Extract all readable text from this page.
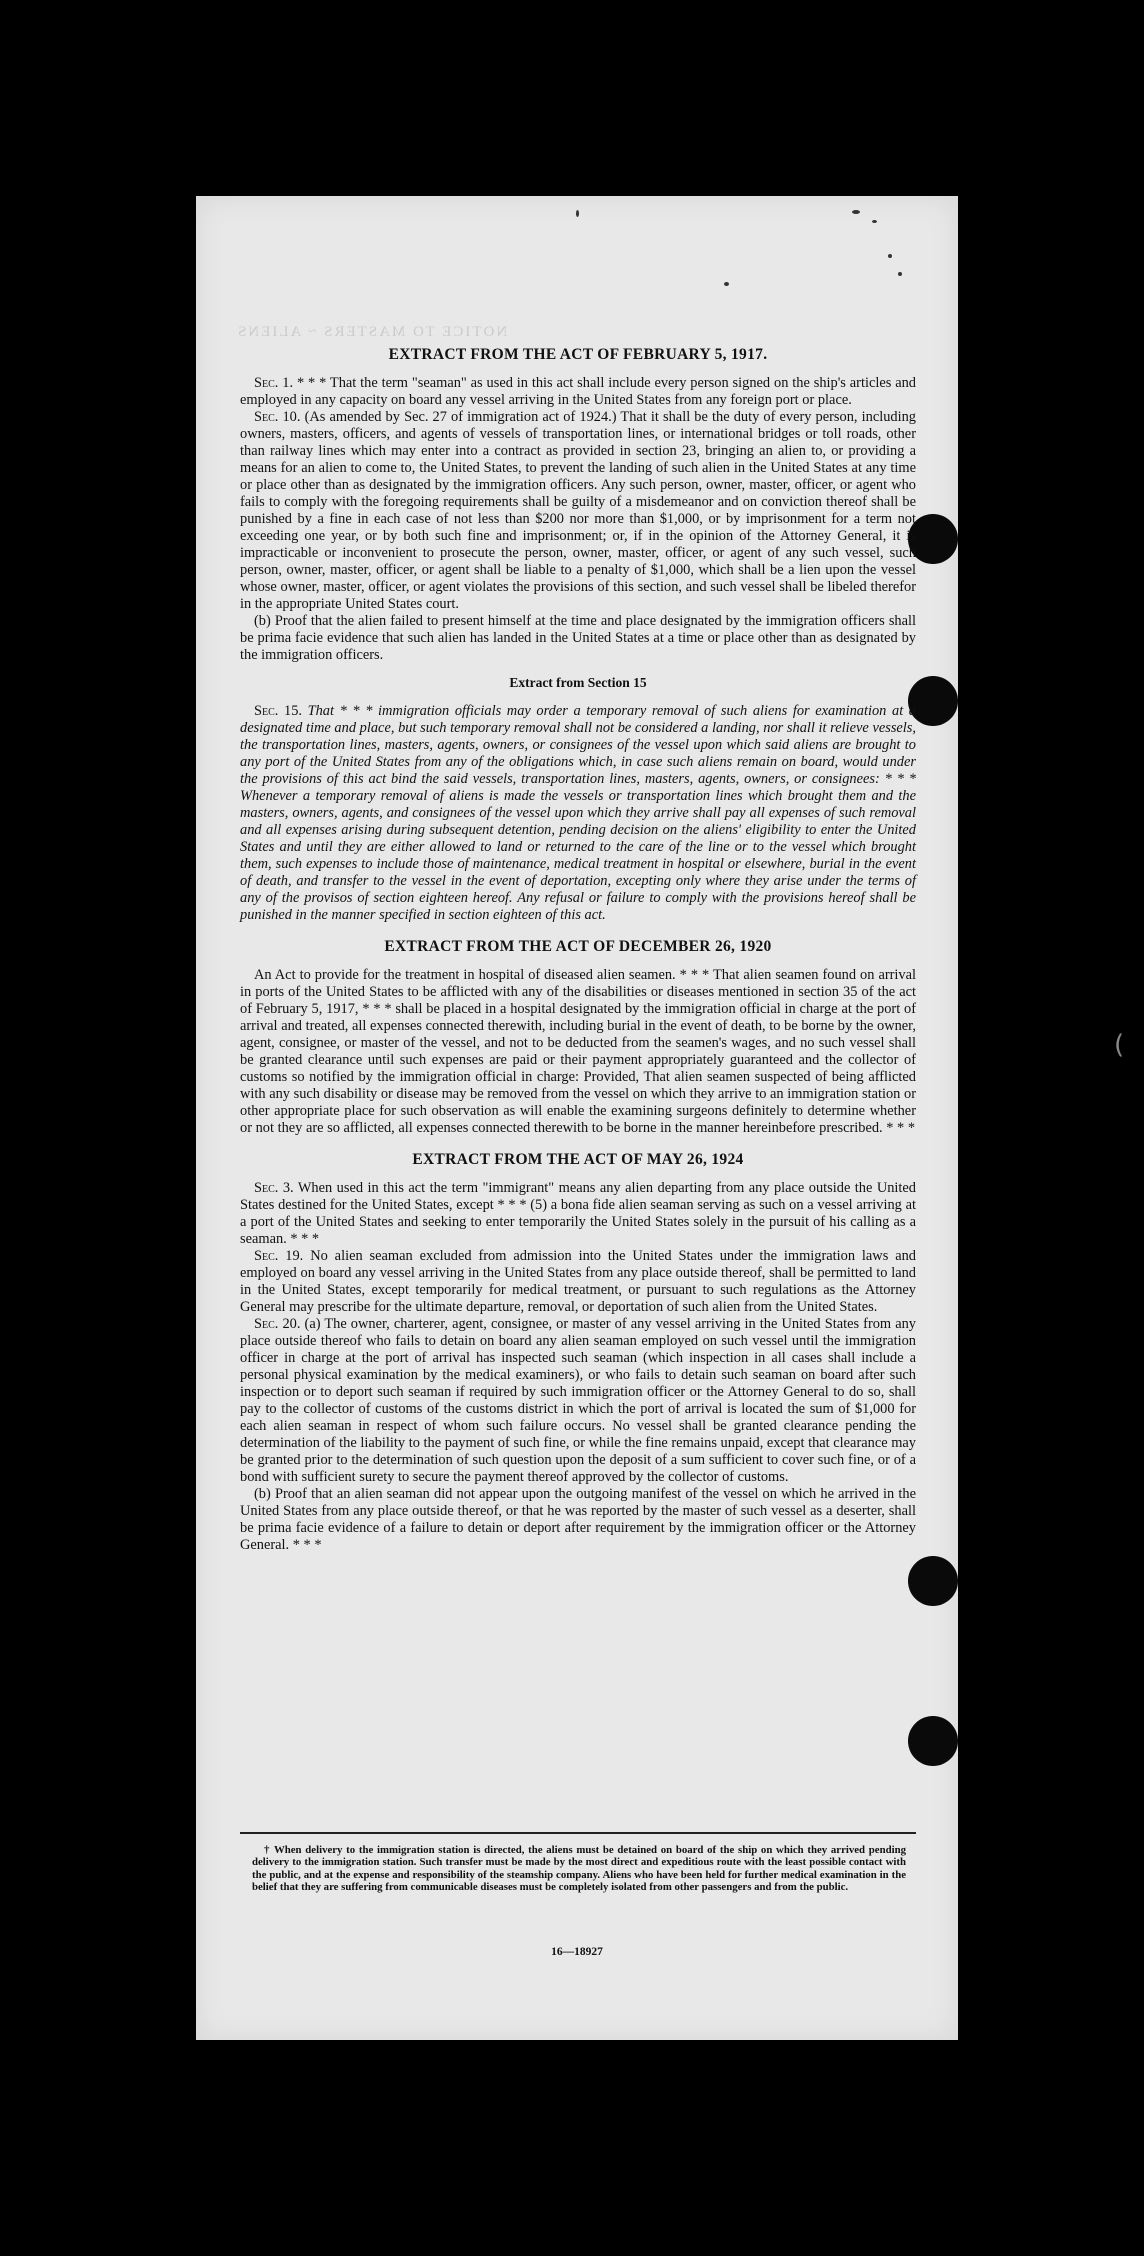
NOTICE TO MASTERS ~ ALIENS
EXTRACT FROM THE ACT OF FEBRUARY 5, 1917.

Sec. 1. * * * That the term "seaman" as used in this act shall include every person signed on the ship's articles and employed in any capacity on board any vessel arriving in the United States from any foreign port or place.

Sec. 10. (As amended by Sec. 27 of immigration act of 1924.) That it shall be the duty of every person, including owners, masters, officers, and agents of vessels of transportation lines, or international bridges or toll roads, other than railway lines which may enter into a contract as provided in section 23, bringing an alien to, or providing a means for an alien to come to, the United States, to prevent the landing of such alien in the United States at any time or place other than as designated by the immigration officers. Any such person, owner, master, officer, or agent who fails to comply with the foregoing requirements shall be guilty of a misdemeanor and on conviction thereof shall be punished by a fine in each case of not less than $200 nor more than $1,000, or by imprisonment for a term not exceeding one year, or by both such fine and imprisonment; or, if in the opinion of the Attorney General, it is impracticable or inconvenient to prosecute the person, owner, master, officer, or agent of any such vessel, such person, owner, master, officer, or agent shall be liable to a penalty of $1,000, which shall be a lien upon the vessel whose owner, master, officer, or agent violates the provisions of this section, and such vessel shall be libeled therefor in the appropriate United States court.

(b) Proof that the alien failed to present himself at the time and place designated by the immigration officers shall be prima facie evidence that such alien has landed in the United States at a time or place other than as designated by the immigration officers.

Extract from Section 15

Sec. 15. That * * * immigration officials may order a temporary removal of such aliens for examination at a designated time and place, but such temporary removal shall not be considered a landing, nor shall it relieve vessels, the transportation lines, masters, agents, owners, or consignees of the vessel upon which said aliens are brought to any port of the United States from any of the obligations which, in case such aliens remain on board, would under the provisions of this act bind the said vessels, transportation lines, masters, agents, owners, or consignees: * * * Whenever a temporary removal of aliens is made the vessels or transportation lines which brought them and the masters, owners, agents, and consignees of the vessel upon which they arrive shall pay all expenses of such removal and all expenses arising during subsequent detention, pending decision on the aliens' eligibility to enter the United States and until they are either allowed to land or returned to the care of the line or to the vessel which brought them, such expenses to include those of maintenance, medical treatment in hospital or elsewhere, burial in the event of death, and transfer to the vessel in the event of deportation, excepting only where they arise under the terms of any of the provisos of section eighteen hereof. Any refusal or failure to comply with the provisions hereof shall be punished in the manner specified in section eighteen of this act.

EXTRACT FROM THE ACT OF DECEMBER 26, 1920

An Act to provide for the treatment in hospital of diseased alien seamen. * * * That alien seamen found on arrival in ports of the United States to be afflicted with any of the disabilities or diseases mentioned in section 35 of the act of February 5, 1917, * * * shall be placed in a hospital designated by the immigration official in charge at the port of arrival and treated, all expenses connected therewith, including burial in the event of death, to be borne by the owner, agent, consignee, or master of the vessel, and not to be deducted from the seamen's wages, and no such vessel shall be granted clearance until such expenses are paid or their payment appropriately guaranteed and the collector of customs so notified by the immigration official in charge: Provided, That alien seamen suspected of being afflicted with any such disability or disease may be removed from the vessel on which they arrive to an immigration station or other appropriate place for such observation as will enable the examining surgeons definitely to determine whether or not they are so afflicted, all expenses connected therewith to be borne in the manner hereinbefore prescribed. * * *

EXTRACT FROM THE ACT OF MAY 26, 1924

Sec. 3. When used in this act the term "immigrant" means any alien departing from any place outside the United States destined for the United States, except * * * (5) a bona fide alien seaman serving as such on a vessel arriving at a port of the United States and seeking to enter temporarily the United States solely in the pursuit of his calling as a seaman. * * *

Sec. 19. No alien seaman excluded from admission into the United States under the immigration laws and employed on board any vessel arriving in the United States from any place outside thereof, shall be permitted to land in the United States, except temporarily for medical treatment, or pursuant to such regulations as the Attorney General may prescribe for the ultimate departure, removal, or deportation of such alien from the United States.

Sec. 20. (a) The owner, charterer, agent, consignee, or master of any vessel arriving in the United States from any place outside thereof who fails to detain on board any alien seaman employed on such vessel until the immigration officer in charge at the port of arrival has inspected such seaman (which inspection in all cases shall include a personal physical examination by the medical examiners), or who fails to detain such seaman on board after such inspection or to deport such seaman if required by such immigration officer or the Attorney General to do so, shall pay to the collector of customs of the customs district in which the port of arrival is located the sum of $1,000 for each alien seaman in respect of whom such failure occurs. No vessel shall be granted clearance pending the determination of the liability to the payment of such fine, or while the fine remains unpaid, except that clearance may be granted prior to the determination of such question upon the deposit of a sum sufficient to cover such fine, or of a bond with sufficient surety to secure the payment thereof approved by the collector of customs.

(b) Proof that an alien seaman did not appear upon the outgoing manifest of the vessel on which he arrived in the United States from any place outside thereof, or that he was reported by the master of such vessel as a deserter, shall be prima facie evidence of a failure to detain or deport after requirement by the immigration officer or the Attorney General. * * *

† When delivery to the immigration station is directed, the aliens must be detained on board of the ship on which they arrived pending delivery to the immigration station. Such transfer must be made by the most direct and expeditious route with the least possible contact with the public, and at the expense and responsibility of the steamship company. Aliens who have been held for further medical examination in the belief that they are suffering from communicable diseases must be completely isolated from other passengers and from the public.

16—18927
(
